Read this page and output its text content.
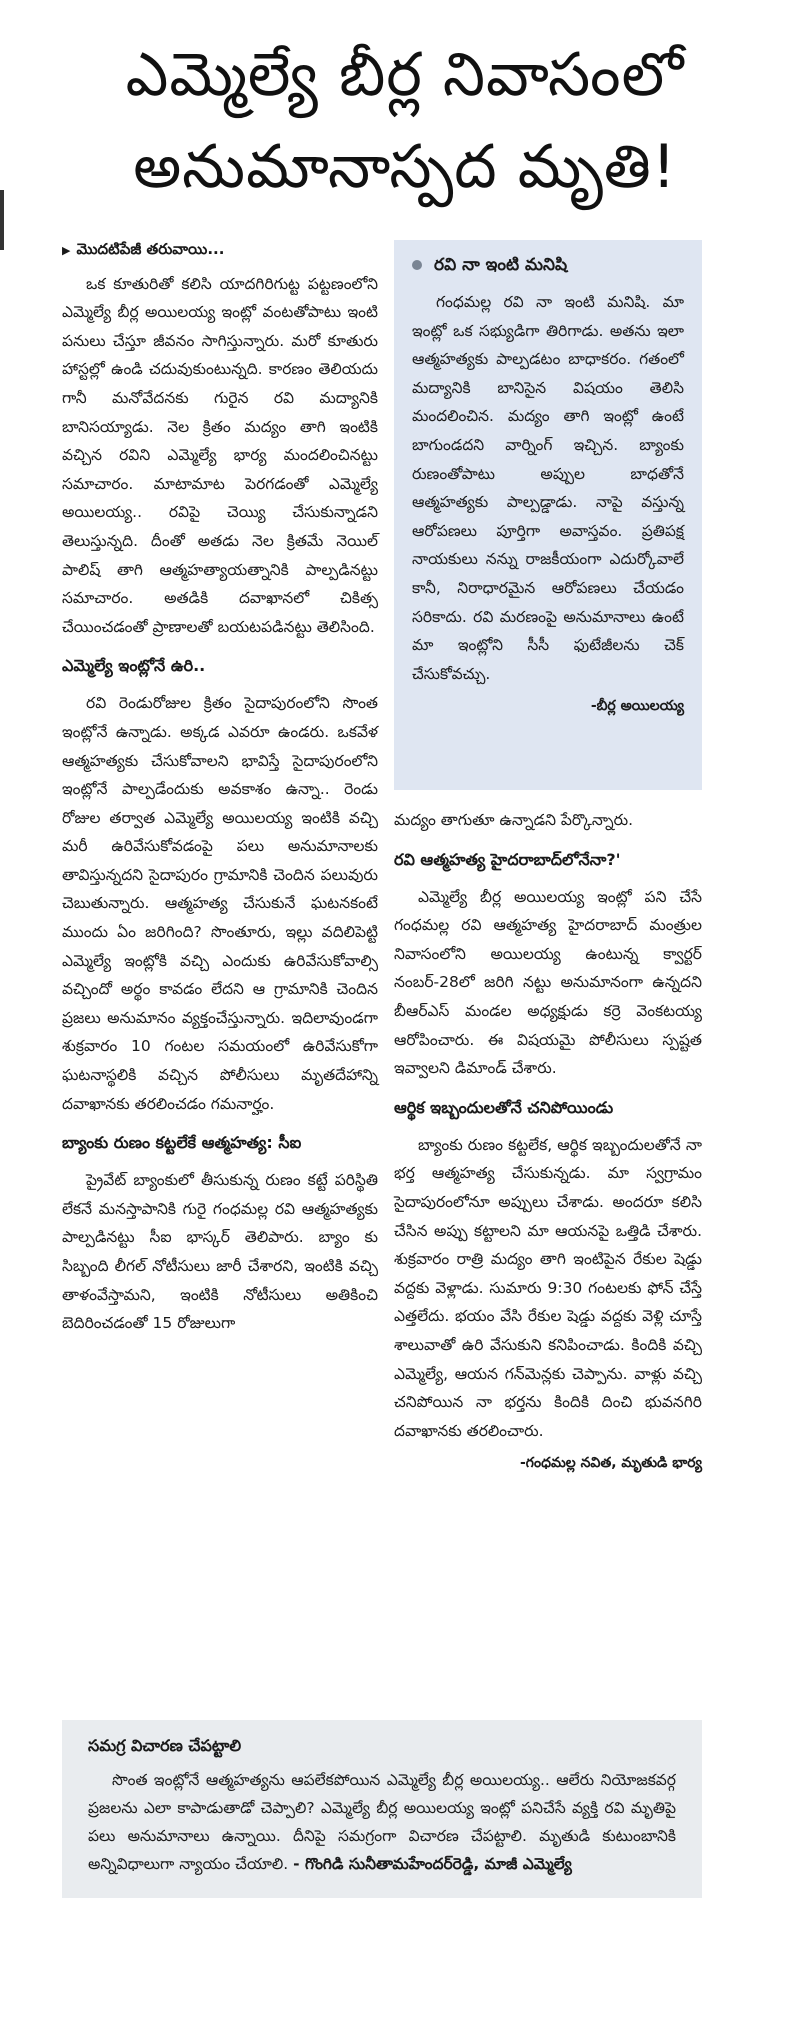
ఎమ్మెల్యే బీర్ల నివాసంలో
అనుమానాస్పద మృతి!

▶ మొదటిపేజీ తరువాయి...

ఒక కూతురితో కలిసి యాదగిరిగుట్ట పట్టణంలోని ఎమ్మెల్యే బీర్ల అయిలయ్య ఇంట్లో వంటతోపాటు ఇంటి పనులు చేస్తూ జీవనం సాగిస్తున్నారు. మరో కూతురు హాస్టల్లో ఉండి చదువుకుంటున్నది. కారణం తెలియదు గానీ మనోవేదనకు గురైన రవి మద్యానికి బానిసయ్యాడు. నెల క్రితం మద్యం తాగి ఇంటికి వచ్చిన రవిని ఎమ్మెల్యే భార్య మందలించినట్టు సమాచారం. మాటామాట పెరగడంతో ఎమ్మెల్యే అయిలయ్య.. రవిపై చెయ్యి చేసుకున్నాడని తెలుస్తున్నది. దీంతో అతడు నెల క్రితమే నెయిల్ పాలిష్ తాగి ఆత్మహత్యాయత్నానికి పాల్పడినట్టు సమాచారం. అతడికి దవాఖానలో చికిత్స చేయించడంతో ప్రాణాలతో బయటపడినట్టు తెలిసింది.

ఎమ్మెల్యే ఇంట్లోనే ఉరి..

రవి రెండురోజుల క్రితం సైదాపురంలోని సొంత ఇంట్లోనే ఉన్నాడు. అక్కడ ఎవరూ ఉండరు. ఒకవేళ ఆత్మహత్యకు చేసుకోవాలని భావిస్తే సైదాపురంలోని ఇంట్లోనే పాల్పడేందుకు అవకాశం ఉన్నా.. రెండు రోజుల తర్వాత ఎమ్మెల్యే అయిలయ్య ఇంటికి వచ్చి మరీ ఉరివేసుకోవడంపై పలు అనుమానాలకు తావిస్తున్నదని సైదాపురం గ్రామానికి చెందిన పలువురు చెబుతున్నారు. ఆత్మహత్య చేసుకునే ఘటనకంటే ముందు ఏం జరిగింది? సొంతూరు, ఇల్లు వదిలిపెట్టి ఎమ్మెల్యే ఇంట్లోకి వచ్చి ఎందుకు ఉరివేసుకోవాల్సి వచ్చిందో అర్థం కావడం లేదని ఆ గ్రామానికి చెందిన ప్రజలు అనుమానం వ్యక్తంచేస్తున్నారు. ఇదిలావుండగా శుక్రవారం 10 గంటల సమయంలో ఉరివేసుకోగా ఘటనాస్థలికి వచ్చిన పోలీసులు మృతదేహాన్ని దవాఖానకు తరలించడం గమనార్హం.

బ్యాంకు రుణం కట్టలేకే ఆత్మహత్య: సీఐ

ప్రైవేట్ బ్యాంకులో తీసుకున్న రుణం కట్టే పరిస్థితి లేకనే మనస్తాపానికి గురై గంధమల్ల రవి ఆత్మహత్యకు పాల్పడినట్టు సీఐ భాస్కర్ తెలిపారు. బ్యాం కు సిబ్బంది లీగల్ నోటీసులు జారీ చేశారని, ఇంటికి వచ్చి తాళంవేస్తామని, ఇంటికి నోటీసులు అతికించి బెదిరించడంతో 15 రోజులుగా

రవి నా ఇంటి మనిషి

గంధమల్ల రవి నా ఇంటి మనిషి. మా ఇంట్లో ఒక సభ్యుడిగా తిరిగాడు. అతను ఇలా ఆత్మహత్యకు పాల్పడటం బాధాకరం. గతంలో మద్యానికి బానిసైన విషయం తెలిసి మందలించిన. మద్యం తాగి ఇంట్లో ఉంటే బాగుండదని వార్నింగ్ ఇచ్చిన. బ్యాంకు రుణంతోపాటు అప్పుల బాధతోనే ఆత్మహత్యకు పాల్పడ్డాడు. నాపై వస్తున్న ఆరోపణలు పూర్తిగా అవాస్తవం. ప్రతిపక్ష నాయకులు నన్ను రాజకీయంగా ఎదుర్కోవాలే కానీ, నిరాధారమైన ఆరోపణలు చేయడం సరికాదు. రవి మరణంపై అనుమానాలు ఉంటే మా ఇంట్లోని సీసీ ఫుటేజీలను చెక్ చేసుకోవచ్చు.

-బీర్ల అయిలయ్య

మద్యం తాగుతూ ఉన్నాడని పేర్కొన్నారు.

రవి ఆత్మహత్య హైదరాబాద్‌లోనేనా?'

ఎమ్మెల్యే బీర్ల అయిలయ్య ఇంట్లో పని చేసే గంధమల్ల రవి ఆత్మహత్య హైదరాబాద్ మంత్రుల నివాసంలోని అయిలయ్య ఉంటున్న క్వార్టర్ నంబర్-28లో జరిగి నట్టు అనుమానంగా ఉన్నదని బీఆర్ఎస్ మండల అధ్యక్షుడు కర్రె వెంకటయ్య ఆరోపించారు. ఈ విషయమై పోలీసులు స్పష్టత ఇవ్వాలని డిమాండ్ చేశారు.

ఆర్థిక ఇబ్బందులతోనే చనిపోయిండు

బ్యాంకు రుణం కట్టలేక, ఆర్థిక ఇబ్బందులతోనే నా భర్త ఆత్మహత్య చేసుకున్నడు. మా స్వగ్రామం సైదాపురంలోనూ అప్పులు చేశాడు. అందరూ కలిసి చేసిన అప్పు కట్టాలని మా ఆయనపై ఒత్తిడి చేశారు. శుక్రవారం రాత్రి మద్యం తాగి ఇంటిపైన రేకుల షెడ్డు వద్దకు వెళ్లాడు. సుమారు 9:30 గంటలకు ఫోన్ చేస్తే ఎత్తలేదు. భయం వేసి రేకుల షెడ్డు వద్దకు వెళ్లి చూస్తే శాలువాతో ఉరి వేసుకుని కనిపించాడు. కిందికి వచ్చి ఎమ్మెల్యే, ఆయన గన్‌మెన్లకు చెప్పాను. వాళ్లు వచ్చి చనిపోయిన నా భర్తను కిందికి దించి భువనగిరి దవాఖానకు తరలించారు.

-గంధమల్ల నవిత, మృతుడి భార్య

సమగ్ర విచారణ చేపట్టాలి

సొంత ఇంట్లోనే ఆత్మహత్యను ఆపలేకపోయిన ఎమ్మెల్యే బీర్ల అయిలయ్య.. ఆలేరు నియోజకవర్గ ప్రజలను ఎలా కాపాడుతాడో చెప్పాలి? ఎమ్మెల్యే బీర్ల అయిలయ్య ఇంట్లో పనిచేసే వ్యక్తి రవి మృతిపై పలు అనుమానాలు ఉన్నాయి. దీనిపై సమగ్రంగా విచారణ చేపట్టాలి. మృతుడి కుటుంబానికి అన్నివిధాలుగా న్యాయం చేయాలి. - గొంగిడి సునీతామహేందర్‌రెడ్డి, మాజీ ఎమ్మెల్యే
